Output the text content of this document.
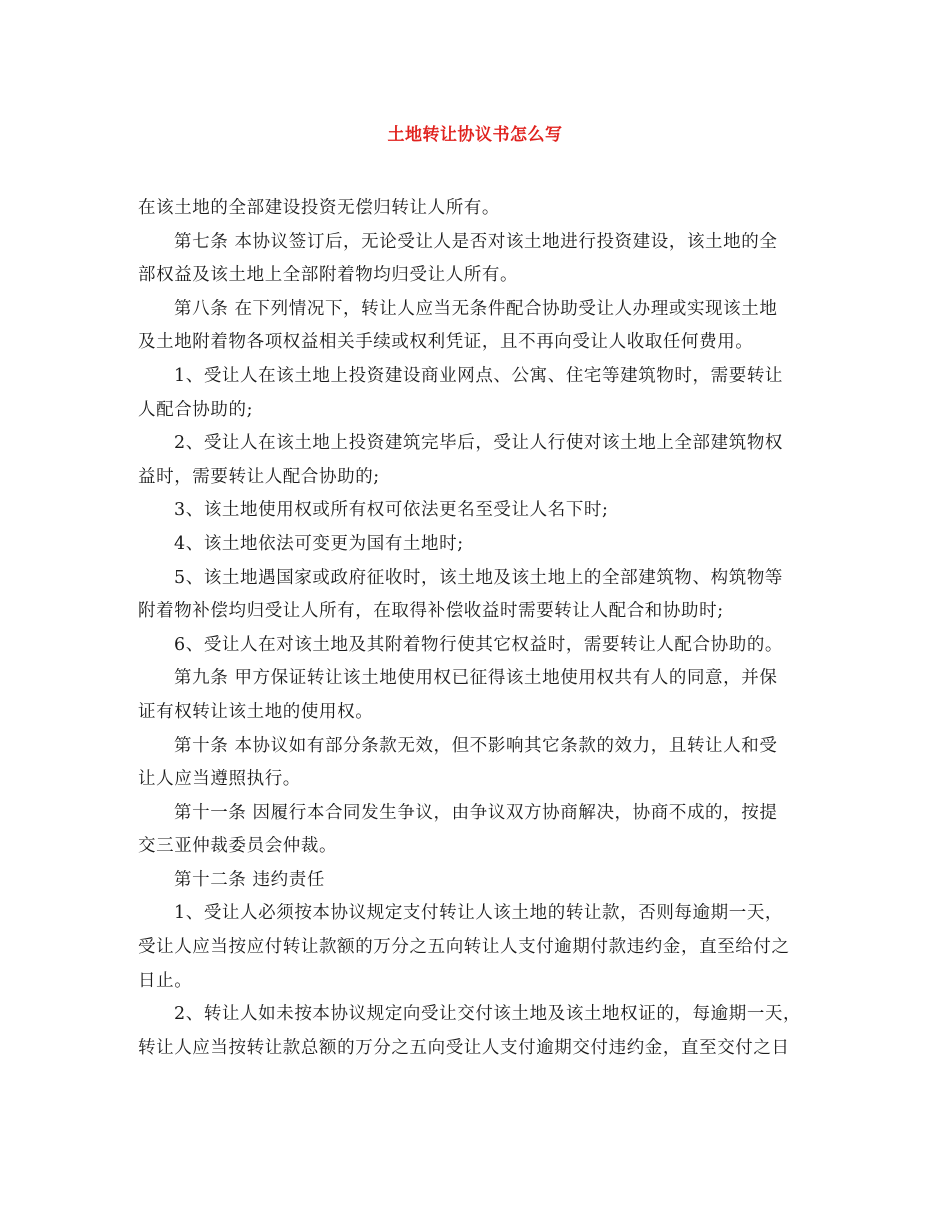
土地转让协议书怎么写
在该土地的全部建设投资无偿归转让人所有。
第七条 本协议签订后，无论受让人是否对该土地进行投资建设，该土地的全
部权益及该土地上全部附着物均归受让人所有。
第八条 在下列情况下，转让人应当无条件配合协助受让人办理或实现该土地
及土地附着物各项权益相关手续或权利凭证，且不再向受让人收取任何费用。
1、受让人在该土地上投资建设商业网点、公寓、住宅等建筑物时，需要转让
人配合协助的;
2、受让人在该土地上投资建筑完毕后，受让人行使对该土地上全部建筑物权
益时，需要转让人配合协助的;
3、该土地使用权或所有权可依法更名至受让人名下时;
4、该土地依法可变更为国有土地时;
5、该土地遇国家或政府征收时，该土地及该土地上的全部建筑物、构筑物等
附着物补偿均归受让人所有，在取得补偿收益时需要转让人配合和协助时;
6、受让人在对该土地及其附着物行使其它权益时，需要转让人配合协助的。
第九条 甲方保证转让该土地使用权已征得该土地使用权共有人的同意，并保
证有权转让该土地的使用权。
第十条 本协议如有部分条款无效，但不影响其它条款的效力，且转让人和受
让人应当遵照执行。
第十一条 因履行本合同发生争议，由争议双方协商解决，协商不成的，按提
交三亚仲裁委员会仲裁。
第十二条 违约责任
1、受让人必须按本协议规定支付转让人该土地的转让款，否则每逾期一天，
受让人应当按应付转让款额的万分之五向转让人支付逾期付款违约金，直至给付之
日止。
2、转让人如未按本协议规定向受让交付该土地及该土地权证的，每逾期一天，
转让人应当按转让款总额的万分之五向受让人支付逾期交付违约金，直至交付之日
